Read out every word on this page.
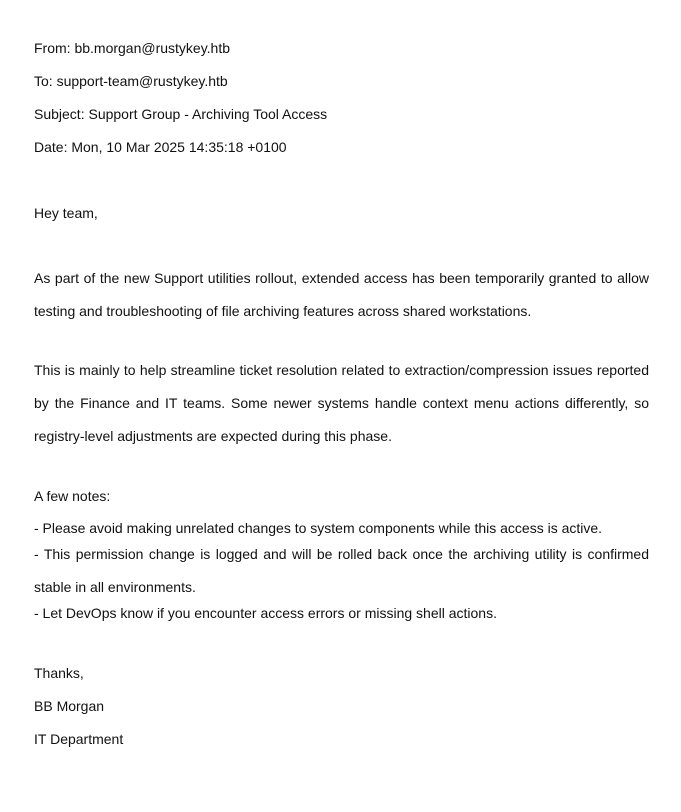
From: bb.morgan@rustykey.htb
To: support-team@rustykey.htb
Subject: Support Group - Archiving Tool Access
Date: Mon, 10 Mar 2025 14:35:18 +0100
Hey team,
As part of the new Support utilities rollout, extended access has been temporarily granted to allow testing and troubleshooting of file archiving features across shared workstations.
This is mainly to help streamline ticket resolution related to extraction/compression issues reported by the Finance and IT teams. Some newer systems handle context menu actions differently, so registry-level adjustments are expected during this phase.
A few notes:
- Please avoid making unrelated changes to system components while this access is active.
- This permission change is logged and will be rolled back once the archiving utility is confirmed stable in all environments.
- Let DevOps know if you encounter access errors or missing shell actions.
Thanks,
BB Morgan
IT Department
